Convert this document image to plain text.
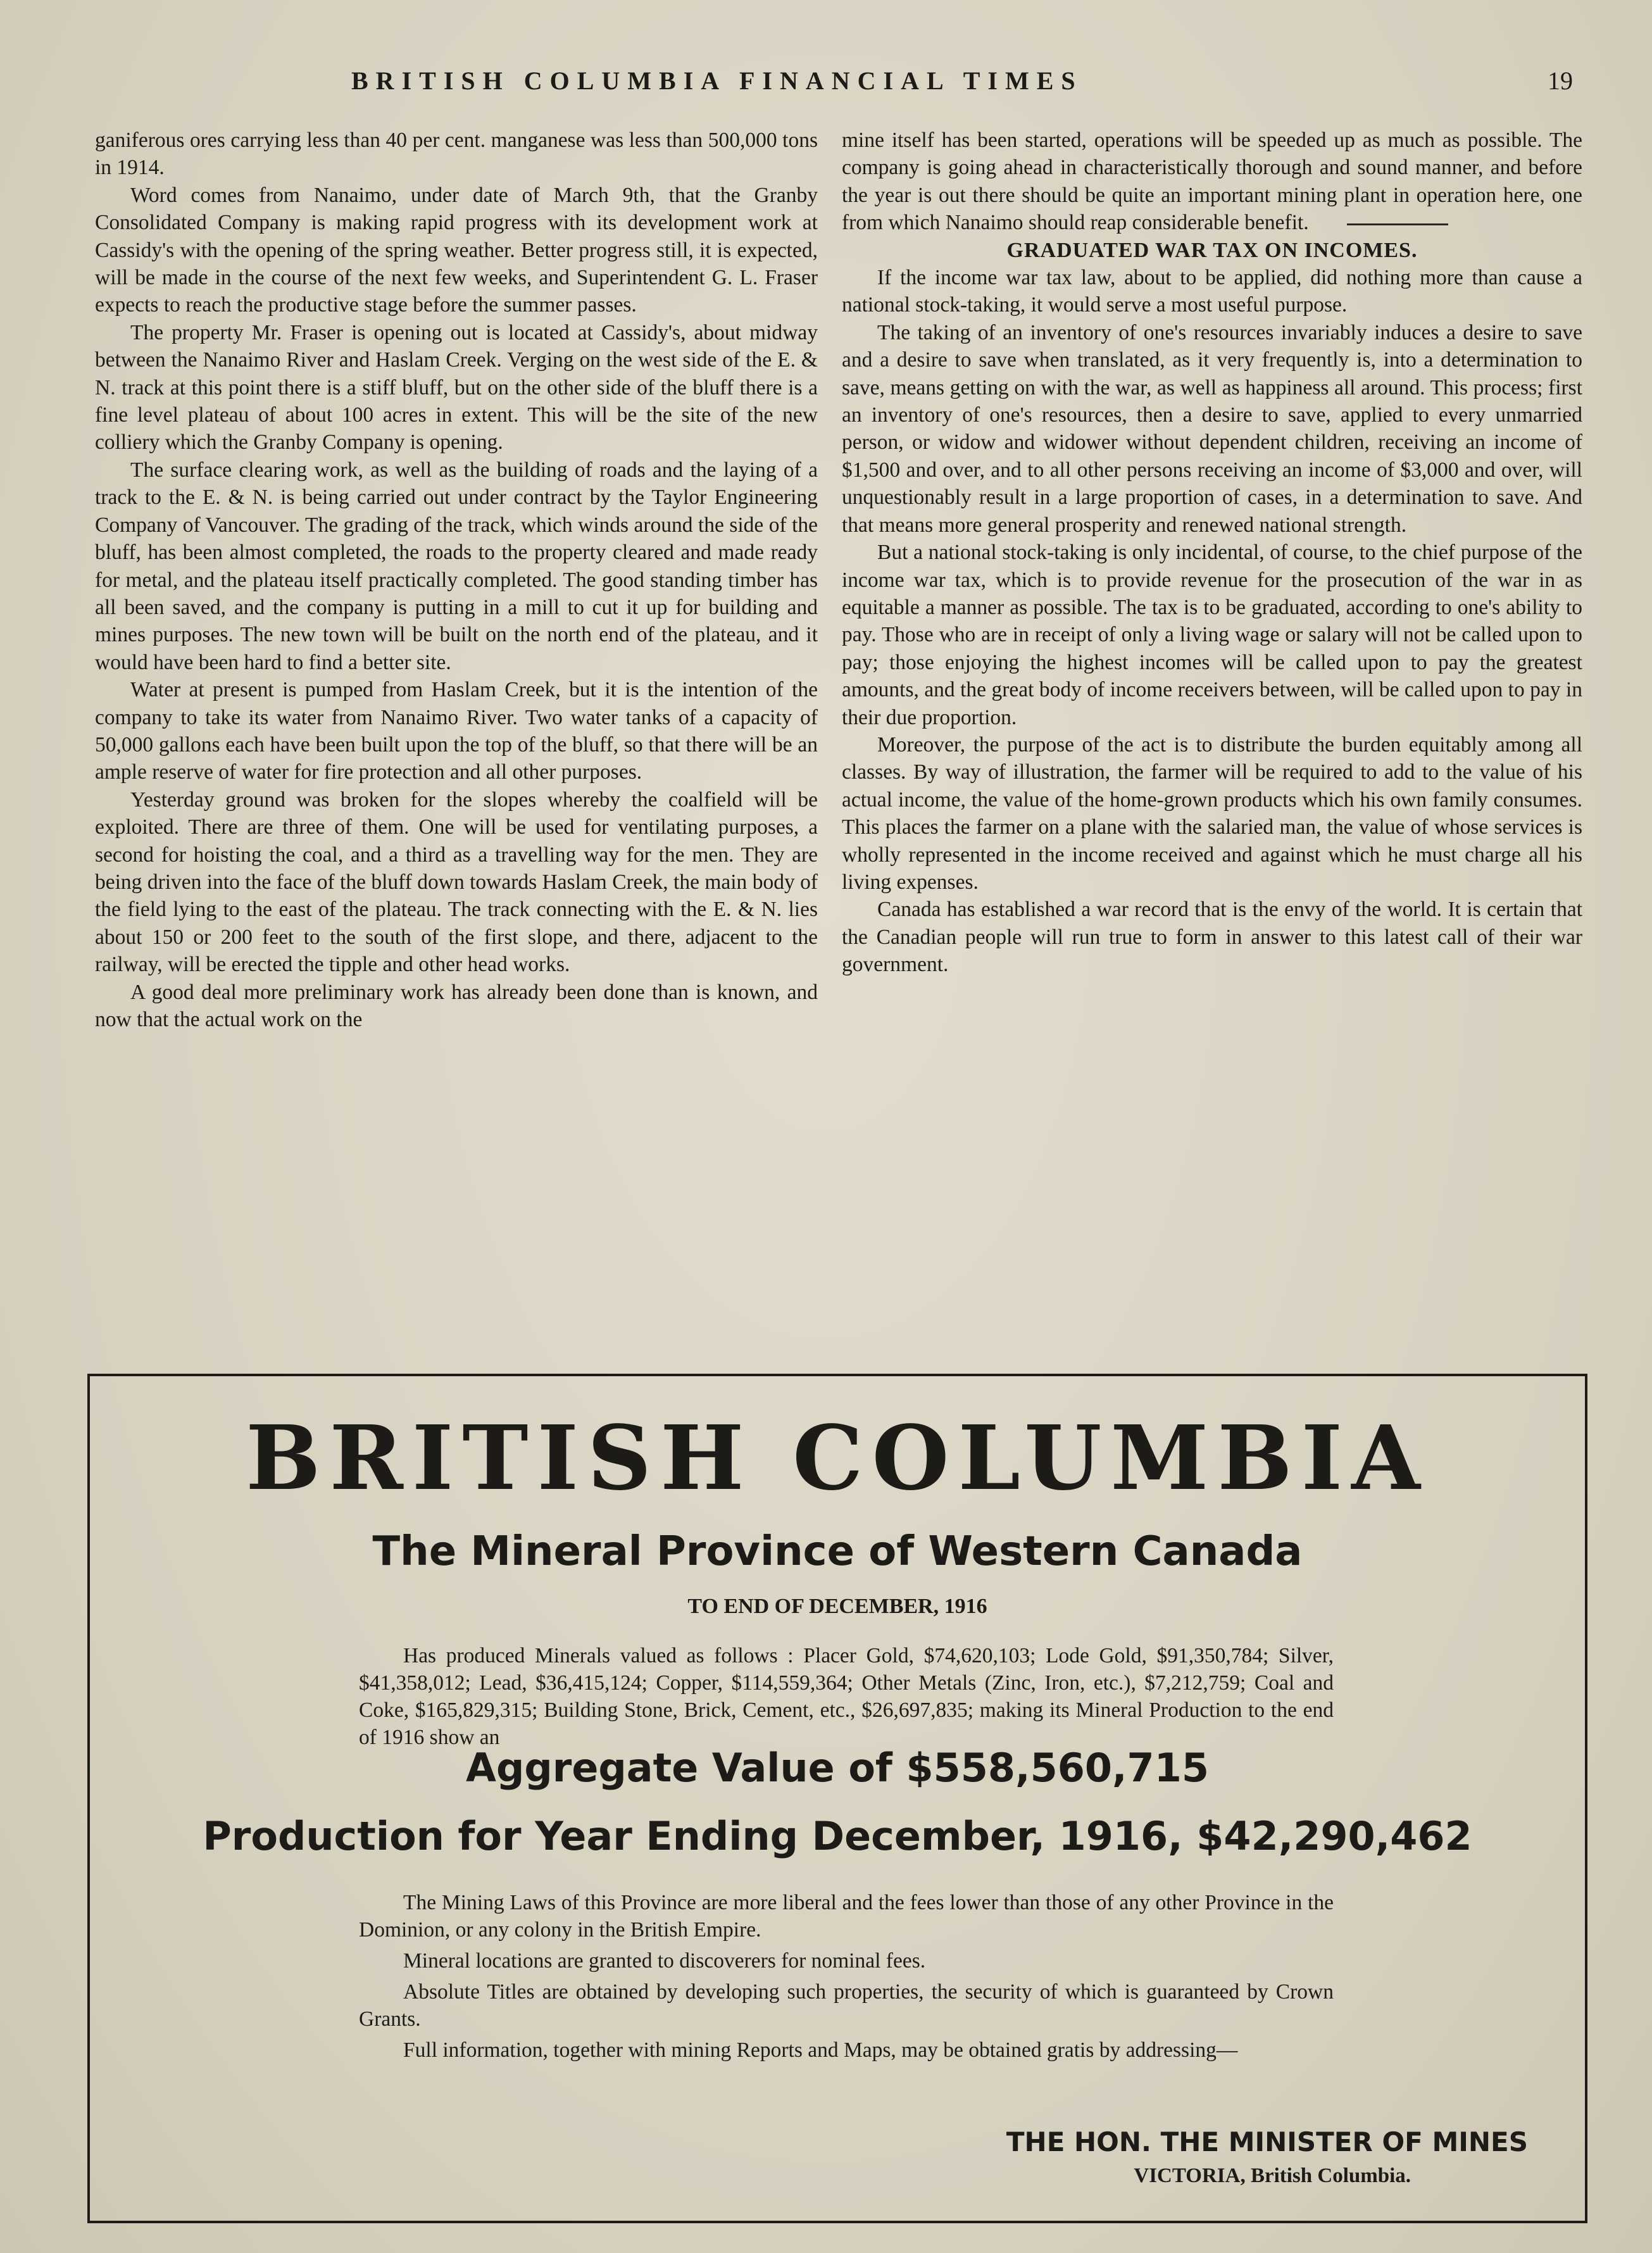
BRITISH COLUMBIA FINANCIAL TIMES	19

ganiferous ores carrying less than 40 per cent. manganese was less than 500,000 tons in 1914.

Word comes from Nanaimo, under date of March 9th, that the Granby Consolidated Company is making rapid progress with its development work at Cassidy's with the opening of the spring weather. Better progress still, it is expected, will be made in the course of the next few weeks, and Superintendent G. L. Fraser expects to reach the productive stage before the summer passes.

The property Mr. Fraser is opening out is located at Cassidy's, about midway between the Nanaimo River and Haslam Creek. Verging on the west side of the E. & N. track at this point there is a stiff bluff, but on the other side of the bluff there is a fine level plateau of about 100 acres in extent. This will be the site of the new colliery which the Granby Company is opening.

The surface clearing work, as well as the building of roads and the laying of a track to the E. & N. is being carried out under contract by the Taylor Engineering Company of Vancouver. The grading of the track, which winds around the side of the bluff, has been almost completed, the roads to the property cleared and made ready for metal, and the plateau itself practically completed. The good standing timber has all been saved, and the company is putting in a mill to cut it up for building and mines purposes. The new town will be built on the north end of the plateau, and it would have been hard to find a better site.

Water at present is pumped from Haslam Creek, but it is the intention of the company to take its water from Nanaimo River. Two water tanks of a capacity of 50,000 gallons each have been built upon the top of the bluff, so that there will be an ample reserve of water for fire protection and all other purposes.

Yesterday ground was broken for the slopes whereby the coalfield will be exploited. There are three of them. One will be used for ventilating purposes, a second for hoisting the coal, and a third as a travelling way for the men. They are being driven into the face of the bluff down towards Haslam Creek, the main body of the field lying to the east of the plateau. The track connecting with the E. & N. lies about 150 or 200 feet to the south of the first slope, and there, adjacent to the railway, will be erected the tipple and other head works.

A good deal more preliminary work has already been done than is known, and now that the actual work on the

mine itself has been started, operations will be speeded up as much as possible. The company is going ahead in characteristically thorough and sound manner, and before the year is out there should be quite an important mining plant in operation here, one from which Nanaimo should reap considerable benefit.

GRADUATED WAR TAX ON INCOMES.

If the income war tax law, about to be applied, did nothing more than cause a national stock-taking, it would serve a most useful purpose.

The taking of an inventory of one's resources invariably induces a desire to save and a desire to save when translated, as it very frequently is, into a determination to save, means getting on with the war, as well as happiness all around. This process; first an inventory of one's resources, then a desire to save, applied to every unmarried person, or widow and widower without dependent children, receiving an income of $1,500 and over, and to all other persons receiving an income of $3,000 and over, will unquestionably result in a large proportion of cases, in a determination to save. And that means more general prosperity and renewed national strength.

But a national stock-taking is only incidental, of course, to the chief purpose of the income war tax, which is to provide revenue for the prosecution of the war in as equitable a manner as possible. The tax is to be graduated, according to one's ability to pay. Those who are in receipt of only a living wage or salary will not be called upon to pay; those enjoying the highest incomes will be called upon to pay the greatest amounts, and the great body of income receivers between, will be called upon to pay in their due proportion.

Moreover, the purpose of the act is to distribute the burden equitably among all classes. By way of illustration, the farmer will be required to add to the value of his actual income, the value of the home-grown products which his own family consumes. This places the farmer on a plane with the salaried man, the value of whose services is wholly represented in the income received and against which he must charge all his living expenses.

Canada has established a war record that is the envy of the world. It is certain that the Canadian people will run true to form in answer to this latest call of their war government.

BRITISH COLUMBIA
The Mineral Province of Western Canada
TO END OF DECEMBER, 1916

Has produced Minerals valued as follows : Placer Gold, $74,620,103; Lode Gold, $91,350,784; Silver, $41,358,012; Lead, $36,415,124; Copper, $114,559,364; Other Metals (Zinc, Iron, etc.), $7,212,759; Coal and Coke, $165,829,315; Building Stone, Brick, Cement, etc., $26,697,835; making its Mineral Production to the end of 1916 show an

Aggregate Value of $558,560,715
Production for Year Ending December, 1916, $42,290,462

The Mining Laws of this Province are more liberal and the fees lower than those of any other Province in the Dominion, or any colony in the British Empire.

Mineral locations are granted to discoverers for nominal fees.

Absolute Titles are obtained by developing such properties, the security of which is guaranteed by Crown Grants.

Full information, together with mining Reports and Maps, may be obtained gratis by addressing—

THE HON. THE MINISTER OF MINES
VICTORIA, British Columbia.
